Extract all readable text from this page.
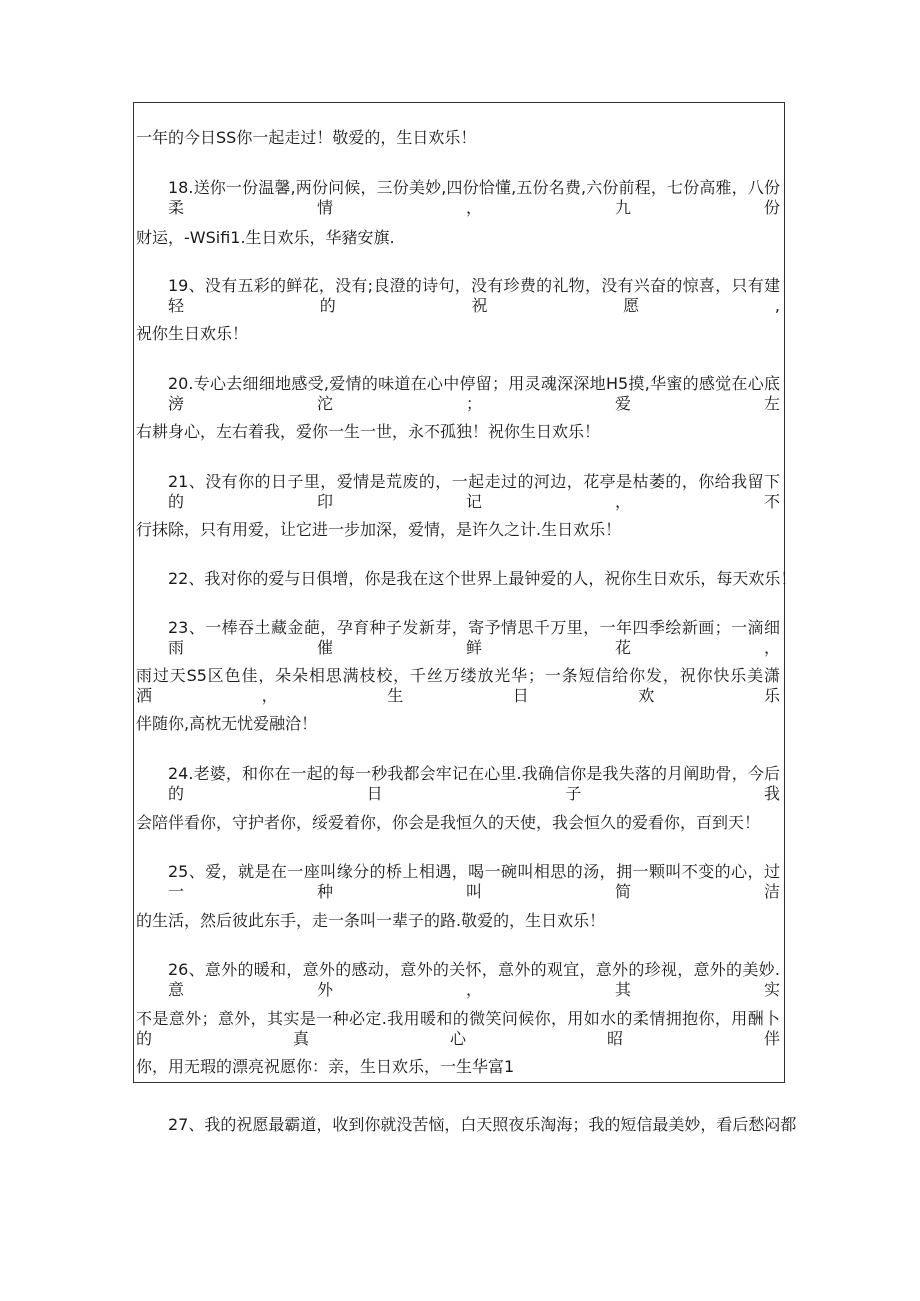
一年的今日SS你一起走过！敬爱的，生日欢乐！
18.送你一份温馨,两份问候，三份美妙,四份恰懂,五份名费,六份前程，七份高雅，八份柔情，九份
财运，-WSifi1.生日欢乐，华豬安旗.
19、没有五彩的鲜花，没有;良澄的诗句，没有珍费的礼物，没有兴奋的惊喜，只有建轻的祝愿,
祝你生日欢乐！
20.专心去细细地感受,爱情的味道在心中停留；用灵魂深深地H5摸,华蜜的感觉在心底滂沱；爱左
右耕身心，左右着我，爱你一生一世，永不孤独！祝你生日欢乐！
21、没有你的日子里，爱情是荒废的，一起走过的河边，花亭是枯萎的，你给我留下的印记，不
行抹除，只有用爱，让它进一步加深，爱情，是许久之计.生日欢乐！
22、我对你的爱与日俱增，你是我在这个世界上最钟爱的人，祝你生日欢乐，每天欢乐！
23、一棒吞土藏金葩，孕育种子发新芽，寄予情思千万里，一年四季绘新画；一滴细雨催鲜花，
雨过天S5区色佳，朵朵相思满枝校，千丝万缕放光华；一条短信给你发，祝你快乐美潇洒，生日欢乐
伴随你,高枕无忧爱融洽！
24.老婆，和你在一起的每一秒我都会牢记在心里.我确信你是我失落的月阐助骨，今后的日子我
会陪伴看你，守护者你，绥爱着你，你会是我恒久的天使，我会恒久的爱看你，百到天！
25、爱，就是在一座叫缘分的桥上相遇，喝一碗叫相思的汤，拥一颗叫不变的心，过一种叫简洁
的生活，然后彼此东手，走一条叫一辈子的路.敬爱的，生日欢乐！
26、意外的暖和，意外的感动，意外的关怀，意外的观宜，意外的珍视，意外的美妙.意外，其实
不是意外；意外，其实是一种必定.我用暖和的微笑问候你，用如水的柔情拥抱你，用酬卜的真心昭伴
你，用无瑕的漂亮祝愿你：亲，生日欢乐，一生华富1
27、我的祝愿最霸道，收到你就没苦恼，白天照夜乐淘海；我的短信最美妙，看后愁闷都
